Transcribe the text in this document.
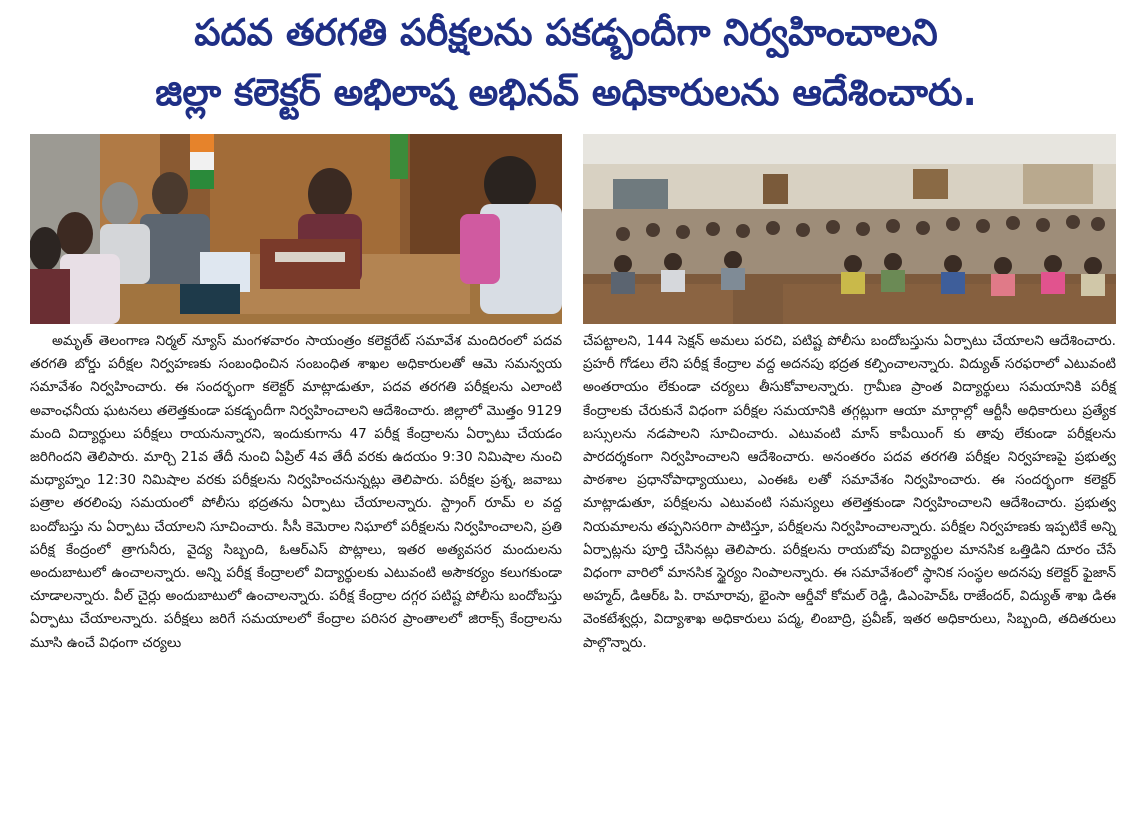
పదవ తరగతి పరీక్షలను పకడ్బందీగా నిర్వహించాలని
జిల్లా కలెక్టర్ అభిలాష అభినవ్ అధికారులను ఆదేశించారు.
అమృత్ తెలంగాణ నిర్మల్ న్యూస్ మంగళవారం సాయంత్రం కలెక్టరేట్ సమావేశ మందిరంలో పదవ తరగతి బోర్డు పరీక్షల నిర్వహణకు సంబంధించిన సంబంధిత శాఖల అధికారులతో ఆమె సమన్వయ సమావేశం నిర్వహించారు. ఈ సందర్భంగా కలెక్టర్ మాట్లాడుతూ, పదవ తరగతి పరీక్షలను ఎలాంటి అవాంఛనీయ ఘటనలు తలెత్తకుండా పకడ్బందీగా నిర్వహించాలని ఆదేశించారు. జిల్లాలో మొత్తం 9129 మంది విద్యార్థులు పరీక్షలు రాయనున్నారని, ఇందుకుగాను 47 పరీక్ష కేంద్రాలను ఏర్పాటు చేయడం జరిగిందని తెలిపారు. మార్చి 21వ తేదీ నుంచి ఏప్రిల్ 4వ తేదీ వరకు ఉదయం 9:30 నిమిషాల నుంచి మధ్యాహ్నం 12:30 నిమిషాల వరకు పరీక్షలను నిర్వహించనున్నట్లు తెలిపారు. పరీక్షల ప్రశ్న, జవాబు పత్రాల తరలింపు సమయంలో పోలీసు భద్రతను ఏర్పాటు చేయాలన్నారు. స్ట్రాంగ్ రూమ్ ల వద్ద బందోబస్తు ను ఏర్పాటు చేయాలని సూచించారు. సీసీ కెమెరాల నిఘాలో పరీక్షలను నిర్వహించాలని, ప్రతి పరీక్ష కేంద్రంలో త్రాగునీరు, వైద్య సిబ్బంది, ఓఆర్ఎస్ పొట్లాలు, ఇతర అత్యవసర మందులను అందుబాటులో ఉంచాలన్నారు. అన్ని పరీక్ష కేంద్రాలలో విద్యార్థులకు ఎటువంటి అసౌకర్యం కలుగకుండా చూడాలన్నారు. వీల్ చైర్లు అందుబాటులో ఉంచాలన్నారు. పరీక్ష కేంద్రాల దగ్గర పటిష్ట పోలీసు బందోబస్తు ఏర్పాటు చేయాలన్నారు. పరీక్షలు జరిగే సమయాలలో కేంద్రాల పరిసర ప్రాంతాలలో జిరాక్స్ కేంద్రాలను మూసి ఉంచే విధంగా చర్యలు
చేపట్టాలని, 144 సెక్షన్ అమలు పరచి, పటిష్ట పోలీసు బందోబస్తును ఏర్పాటు చేయాలని ఆదేశించారు. ప్రహరీ గోడలు లేని పరీక్ష కేంద్రాల వద్ద అదనపు భద్రత కల్పించాలన్నారు. విద్యుత్ సరఫరాలో ఎటువంటి అంతరాయం లేకుండా చర్యలు తీసుకోవాలన్నారు. గ్రామీణ ప్రాంత విద్యార్థులు సమయానికి పరీక్ష కేంద్రాలకు చేరుకునే విధంగా పరీక్షల సమయానికి తగ్గట్లుగా ఆయా మార్గాల్లో ఆర్టీసీ అధికారులు ప్రత్యేక బస్సులను నడపాలని సూచించారు. ఎటువంటి మాస్ కాపీయింగ్ కు తావు లేకుండా పరీక్షలను పారదర్శకంగా నిర్వహించాలని ఆదేశించారు. అనంతరం పదవ తరగతి పరీక్షల నిర్వహణపై ప్రభుత్వ పాఠశాల ప్రధానోపాధ్యాయులు, ఎంఈఓ లతో సమావేశం నిర్వహించారు. ఈ సందర్భంగా కలెక్టర్ మాట్లాడుతూ, పరీక్షలను ఎటువంటి సమస్యలు తలెత్తకుండా నిర్వహించాలని ఆదేశించారు. ప్రభుత్వ నియమాలను తప్పనిసరిగా పాటిస్తూ, పరీక్షలను నిర్వహించాలన్నారు. పరీక్షల నిర్వహణకు ఇప్పటికే అన్ని ఏర్పాట్లను పూర్తి చేసినట్లు తెలిపారు. పరీక్షలను రాయబోవు విద్యార్థుల మానసిక ఒత్తిడిని దూరం చేసే విధంగా వారిలో మానసిక స్థైర్యం నింపాలన్నారు. ఈ సమావేశంలో స్థానిక సంస్థల అదనపు కలెక్టర్ ఫైజాన్ అహ్మద్, డిఆర్ఓ పి. రామారావు, భైంసా ఆర్డీవో కోమల్ రెడ్డి, డిఎంహెచ్ఓ రాజేందర్, విద్యుత్ శాఖ డిఈ వెంకటేశ్వర్లు, విద్యాశాఖ అధికారులు పద్మ, లింబాద్రి, ప్రవీణ్, ఇతర అధికారులు, సిబ్బంది, తదితరులు పాల్గొన్నారు.
